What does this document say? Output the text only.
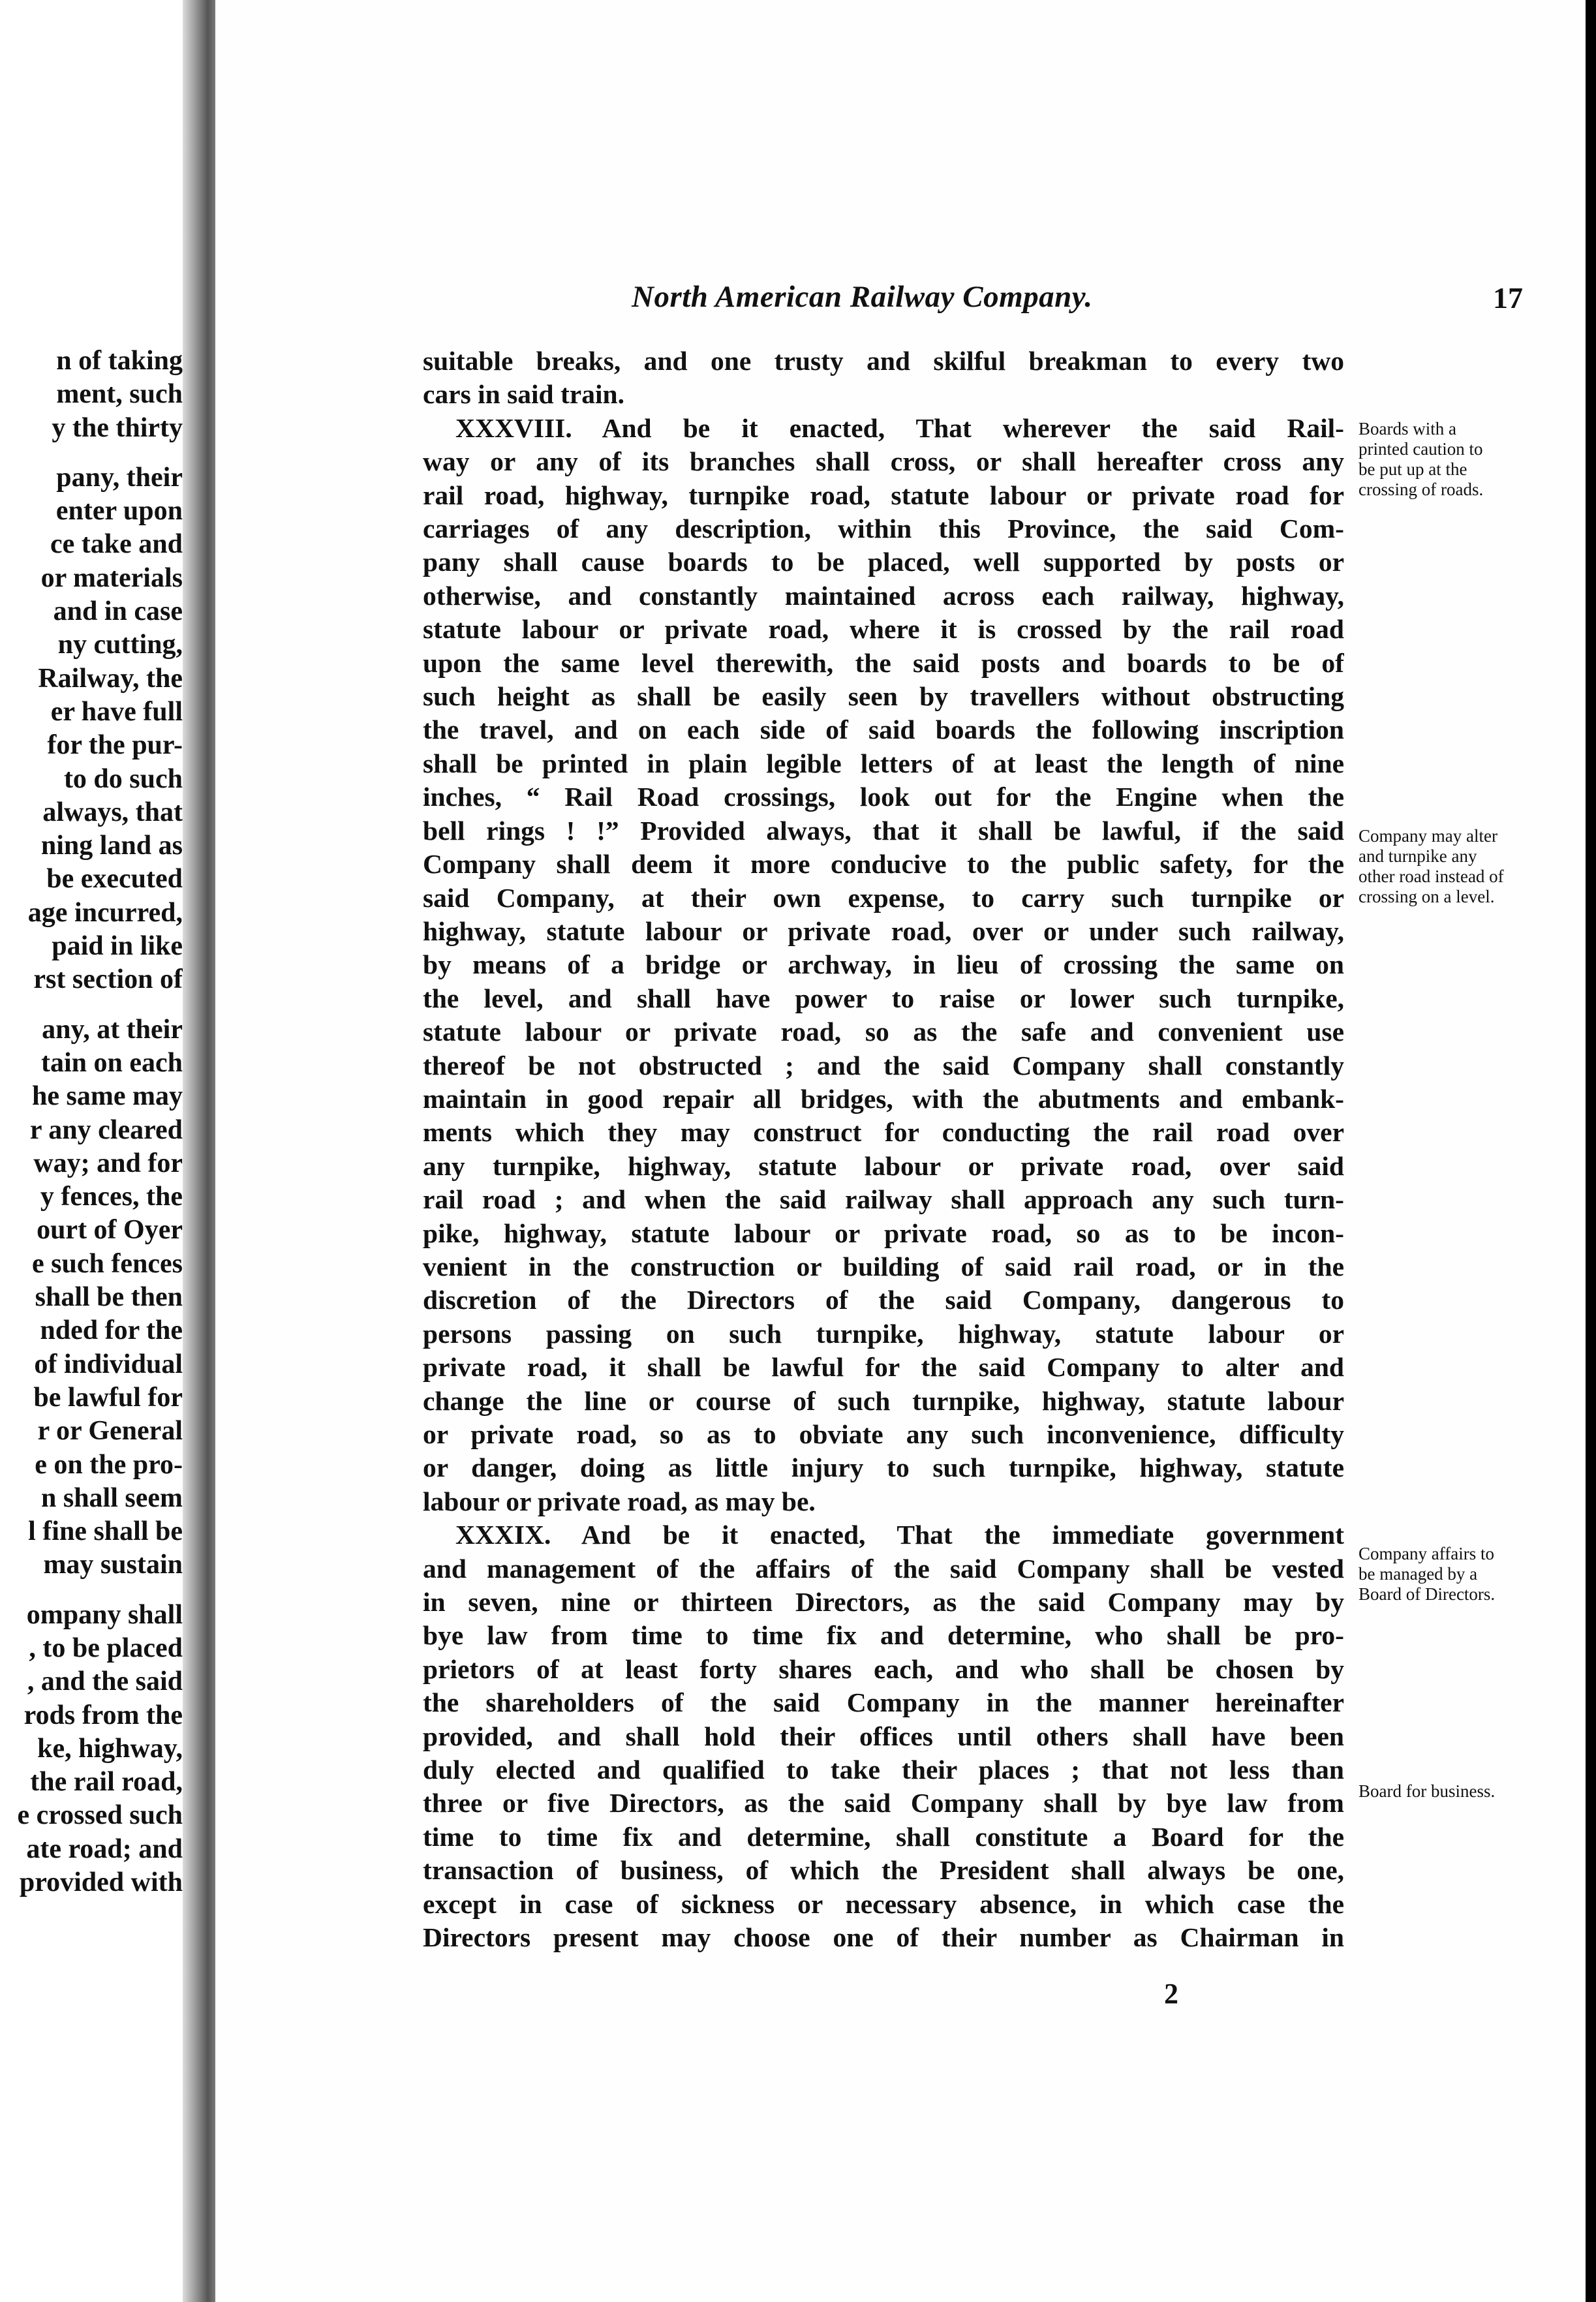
n of taking
ment, such
y the thirty
pany, their
enter upon
ce take and
or materials
and in case
ny cutting,
Railway, the
er have full
for the pur-
to do such
always, that
ning land as
be executed
age incurred,
paid in like
rst section of
any, at their
tain on each
he same may
r any cleared
way; and for
y fences, the
ourt of Oyer
e such fences
shall be then
nded for the
of individual
be lawful for
r or General
e on the pro-
n shall seem
l fine shall be
may sustain
ompany shall
, to be placed
, and the said
rods from the
ke, highway,
the rail road,
e crossed such
ate road; and
provided with
North American Railway Company.	17
suitable breaks, and one trusty and skilful breakman to every two
cars in said train.
XXXVIII. And be it enacted, That wherever the said Rail-
way or any of its branches shall cross, or shall hereafter cross any
rail road, highway, turnpike road, statute labour or private road for
carriages of any description, within this Province, the said Com-
pany shall cause boards to be placed, well supported by posts or
otherwise, and constantly maintained across each railway, highway,
statute labour or private road, where it is crossed by the rail road
upon the same level therewith, the said posts and boards to be of
such height as shall be easily seen by travellers without obstructing
the travel, and on each side of said boards the following inscription
shall be printed in plain legible letters of at least the length of nine
inches, “ Rail Road crossings, look out for the Engine when the
bell rings ! !” Provided always, that it shall be lawful, if the said
Company shall deem it more conducive to the public safety, for the
said Company, at their own expense, to carry such turnpike or
highway, statute labour or private road, over or under such railway,
by means of a bridge or archway, in lieu of crossing the same on
the level, and shall have power to raise or lower such turnpike,
statute labour or private road, so as the safe and convenient use
thereof be not obstructed ; and the said Company shall constantly
maintain in good repair all bridges, with the abutments and embank-
ments which they may construct for conducting the rail road over
any turnpike, highway, statute labour or private road, over said
rail road ; and when the said railway shall approach any such turn-
pike, highway, statute labour or private road, so as to be incon-
venient in the construction or building of said rail road, or in the
discretion of the Directors of the said Company, dangerous to
persons passing on such turnpike, highway, statute labour or
private road, it shall be lawful for the said Company to alter and
change the line or course of such turnpike, highway, statute labour
or private road, so as to obviate any such inconvenience, difficulty
or danger, doing as little injury to such turnpike, highway, statute
labour or private road, as may be.
XXXIX. And be it enacted, That the immediate government
and management of the affairs of the said Company shall be vested
in seven, nine or thirteen Directors, as the said Company may by
bye law from time to time fix and determine, who shall be pro-
prietors of at least forty shares each, and who shall be chosen by
the shareholders of the said Company in the manner hereinafter
provided, and shall hold their offices until others shall have been
duly elected and qualified to take their places ; that not less than
three or five Directors, as the said Company shall by bye law from
time to time fix and determine, shall constitute a Board for the
transaction of business, of which the President shall always be one,
except in case of sickness or necessary absence, in which case the
Directors present may choose one of their number as Chairman in
2
Boards with a
printed caution to
be put up at the
crossing of roads.
Company may alter
and turnpike any
other road instead of
crossing on a level.
Company affairs to
be managed by a
Board of Directors.
Board for business.
